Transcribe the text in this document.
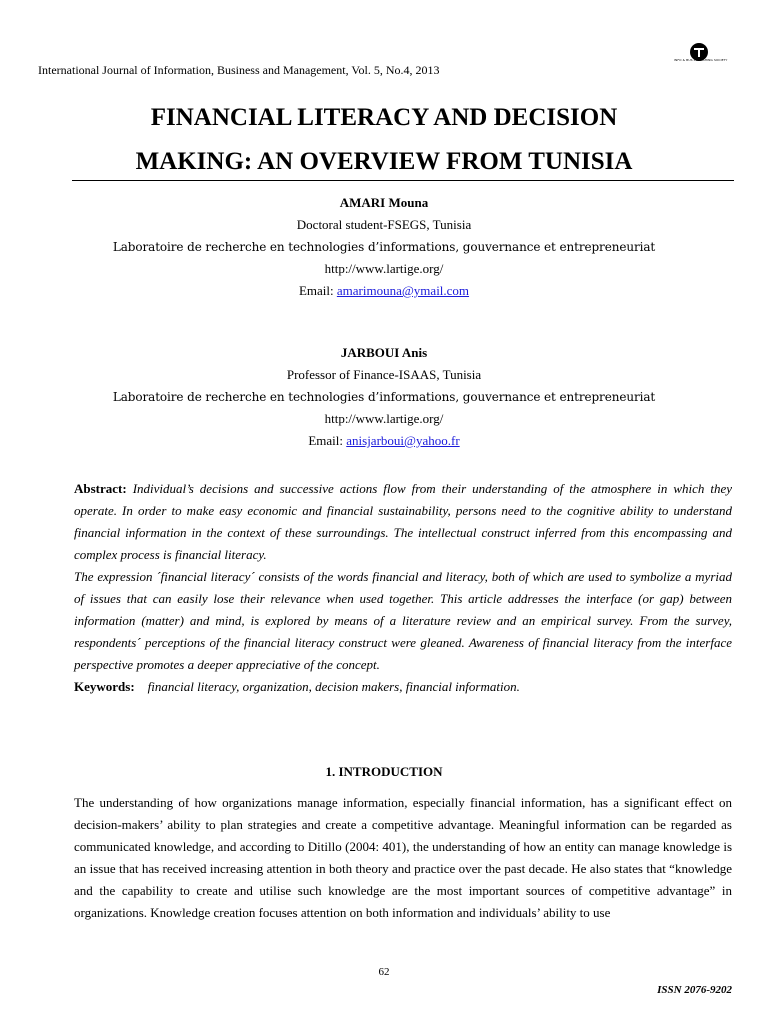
International Journal of Information, Business and Management, Vol. 5, No.4, 2013
INFO & BUS PUBLISHING SOCIETY
FINANCIAL LITERACY AND DECISION
MAKING: AN OVERVIEW FROM TUNISIA
AMARI Mouna
Doctoral student-FSEGS, Tunisia
Laboratoire de recherche en technologies d’informations, gouvernance et entrepreneuriat
http://www.lartige.org/
Email: amarimouna@ymail.com
JARBOUI Anis
Professor of Finance-ISAAS, Tunisia
Laboratoire de recherche en technologies d’informations, gouvernance et entrepreneuriat
http://www.lartige.org/
Email: anisjarboui@yahoo.fr

Abstract: Individual’s decisions and successive actions flow from their understanding of the atmosphere in which they operate. In order to make easy economic and financial sustainability, persons need to the cognitive ability to understand financial information in the context of these surroundings. The intellectual construct inferred from this encompassing and complex process is financial literacy.

The expression ´financial literacy´ consists of the words financial and literacy, both of which are used to symbolize a myriad of issues that can easily lose their relevance when used together. This article addresses the interface (or gap) between information (matter) and mind, is explored by means of a literature review and an empirical survey. From the survey, respondents´ perceptions of the financial literacy construct were gleaned. Awareness of financial literacy from the interface perspective promotes a deeper appreciative of the concept.

Keywords: financial literacy, organization, decision makers, financial information.

1. INTRODUCTION

The understanding of how organizations manage information, especially financial information, has a significant effect on decision-makers’ ability to plan strategies and create a competitive advantage. Meaningful information can be regarded as communicated knowledge, and according to Ditillo (2004: 401), the understanding of how an entity can manage knowledge is an issue that has received increasing attention in both theory and practice over the past decade. He also states that “knowledge and the capability to create and utilise such knowledge are the most important sources of competitive advantage” in organizations. Knowledge creation focuses attention on both information and individuals’ ability to use

62
ISSN 2076-9202
